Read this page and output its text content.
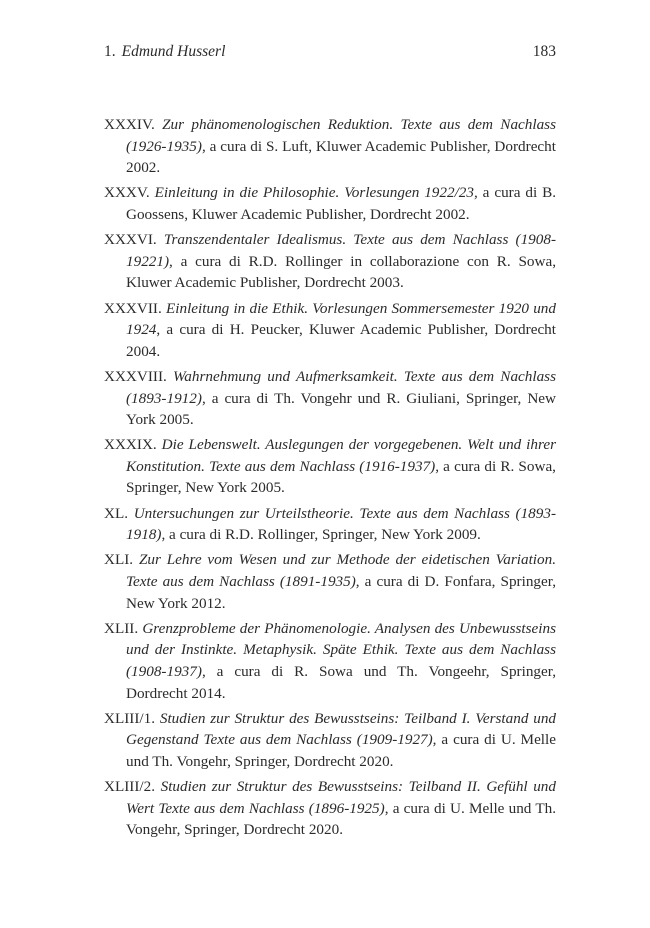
1. Edmund Husserl	183

XXXIV. Zur phänomenologischen Reduktion. Texte aus dem Nachlass (1926-1935), a cura di S. Luft, Kluwer Academic Publisher, Dordrecht 2002.

XXXV. Einleitung in die Philosophie. Vorlesungen 1922/23, a cura di B. Goossens, Kluwer Academic Publisher, Dordrecht 2002.

XXXVI. Transzendentaler Idealismus. Texte aus dem Nachlass (1908-19221), a cura di R.D. Rollinger in collaborazione con R. Sowa, Kluwer Academic Publisher, Dordrecht 2003.

XXXVII. Einleitung in die Ethik. Vorlesungen Sommersemester 1920 und 1924, a cura di H. Peucker, Kluwer Academic Publisher, Dordrecht 2004.

XXXVIII. Wahrnehmung und Aufmerksamkeit. Texte aus dem Nachlass (1893-1912), a cura di Th. Vongehr und R. Giuliani, Springer, New York 2005.

XXXIX. Die Lebenswelt. Auslegungen der vorgegebenen. Welt und ihrer Konstitution. Texte aus dem Nachlass (1916-1937), a cura di R. Sowa, Springer, New York 2005.

XL. Untersuchungen zur Urteilstheorie. Texte aus dem Nachlass (1893-1918), a cura di R.D. Rollinger, Springer, New York 2009.

XLI. Zur Lehre vom Wesen und zur Methode der eidetischen Variation. Texte aus dem Nachlass (1891-1935), a cura di D. Fonfara, Springer, New York 2012.

XLII. Grenzprobleme der Phänomenologie. Analysen des Unbewusstseins und der Instinkte. Metaphysik. Späte Ethik. Texte aus dem Nachlass (1908-1937), a cura di R. Sowa und Th. Vongeehr, Springer, Dordrecht 2014.

XLIII/1. Studien zur Struktur des Bewusstseins: Teilband I. Verstand und Gegenstand Texte aus dem Nachlass (1909-1927), a cura di U. Melle und Th. Vongehr, Springer, Dordrecht 2020.

XLIII/2. Studien zur Struktur des Bewusstseins: Teilband II. Gefühl und Wert Texte aus dem Nachlass (1896-1925), a cura di U. Melle und Th. Vongehr, Springer, Dordrecht 2020.
